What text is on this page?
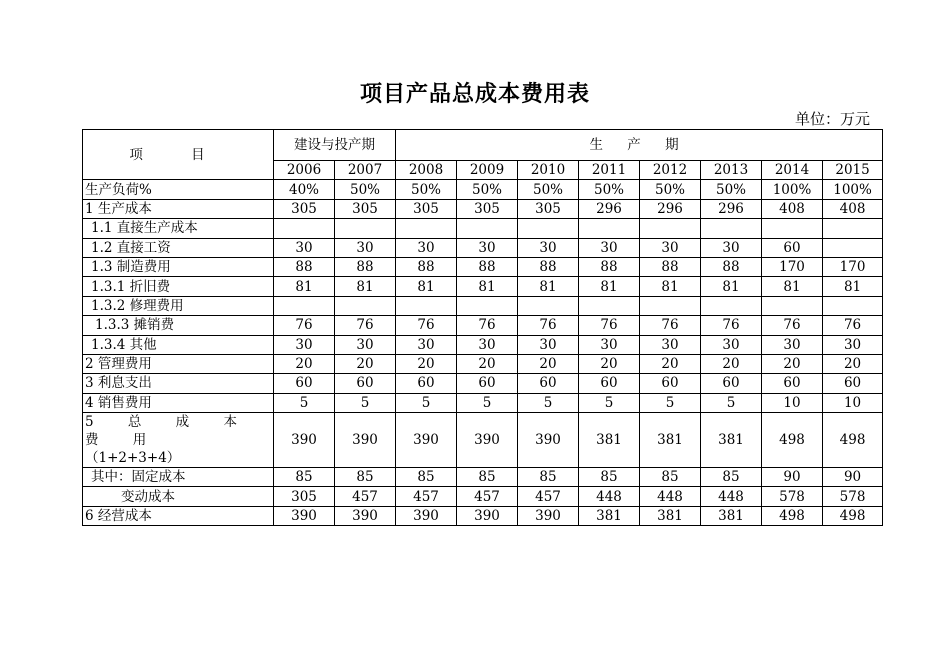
项目产品总成本费用表
单位：万元
项 目	建设与投产期		生 产 期							
	2006	2007	2008	2009	2010	2011	2012	2013	2014	2015
生产负荷%	40%	50%	50%	50%	50%	50%	50%	50%	100%	100%
1 生产成本	305	305	305	305	305	296	296	296	408	408
1.1 直接生产成本										
1.2 直接工资	30	30	30	30	30	30	30	30	60	
1.3 制造费用	88	88	88	88	88	88	88	88	170	170
1.3.1 折旧费	81	81	81	81	81	81	81	81	81	81
1.3.2 修理费用										
1.3.3 摊销费	76	76	76	76	76	76	76	76	76	76
1.3.4 其他	30	30	30	30	30	30	30	30	30	30
2 管理费用	20	20	20	20	20	20	20	20	20	20
3 利息支出	60	60	60	60	60	60	60	60	60	60
4 销售费用	5	5	5	5	5	5	5	5	10	10

5 总 成 本 费 用
（1+2+3+4）	390	390	390	390	390	381	381	381	498	498
其中：固定成本	85	85	85	85	85	85	85	85	90	90
变动成本	305	457	457	457	457	448	448	448	578	578
6 经营成本	390	390	390	390	390	381	381	381	498	498
